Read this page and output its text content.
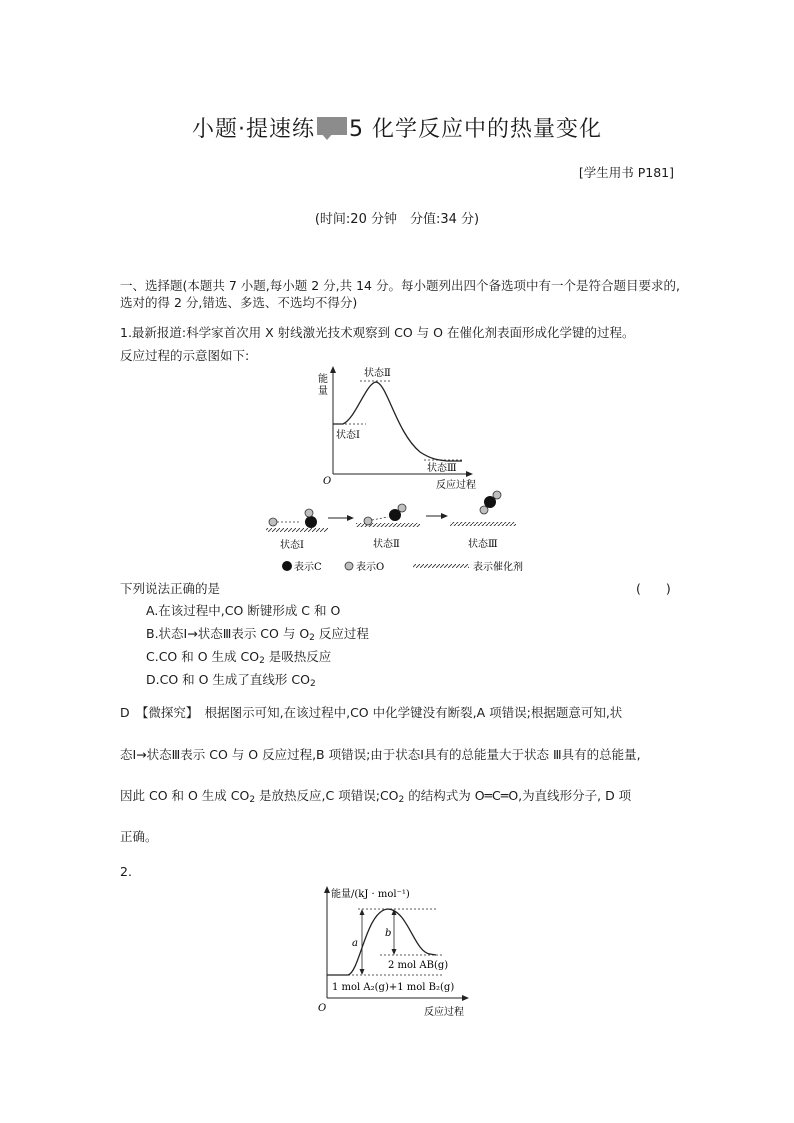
小题·提速练 5 化学反应中的热量变化
[学生用书 P181]
(时间:20 分钟　分值:34 分)
一、选择题(本题共 7 小题,每小题 2 分,共 14 分。每小题列出四个备选项中有一个是符合题目要求的,选对的得 2 分,错选、多选、不选均不得分)
1.最新报道:科学家首次用 X 射线激光技术观察到 CO 与 O 在催化剂表面形成化学键的过程。
反应过程的示意图如下:
能
量
O	反应过程
状态Ⅰ
状态Ⅱ
状态Ⅲ
状态Ⅰ	状态Ⅱ	状态Ⅲ
表示C	表示O	表示催化剂
下列说法正确的是	(　　)
A.在该过程中,CO 断键形成 C 和 O
B.状态Ⅰ→状态Ⅲ表示 CO 与 $O_2$ 反应过程
C.CO 和 O 生成 $CO_2$ 是吸热反应
D.CO 和 O 生成了直线形 $CO_2$
D　【微探究】　根据图示可知,在该过程中,CO 中化学键没有断裂,A 项错误;根据题意可知,状
态Ⅰ→状态Ⅲ表示 CO 与 O 反应过程,B 项错误;由于状态Ⅰ具有的总能量大于状态 Ⅲ具有的总能量,
因此 CO 和 O 生成 $CO_2$ 是放热反应,C 项错误$;CO_2$ 的结构式为 O═C═O,为直线形分子, D 项
正确。
2.
能量/(kJ · mol⁻¹)
O	反应过程
a
b
2 mol AB(g)
1 mol A₂(g)+1 mol B₂(g)
